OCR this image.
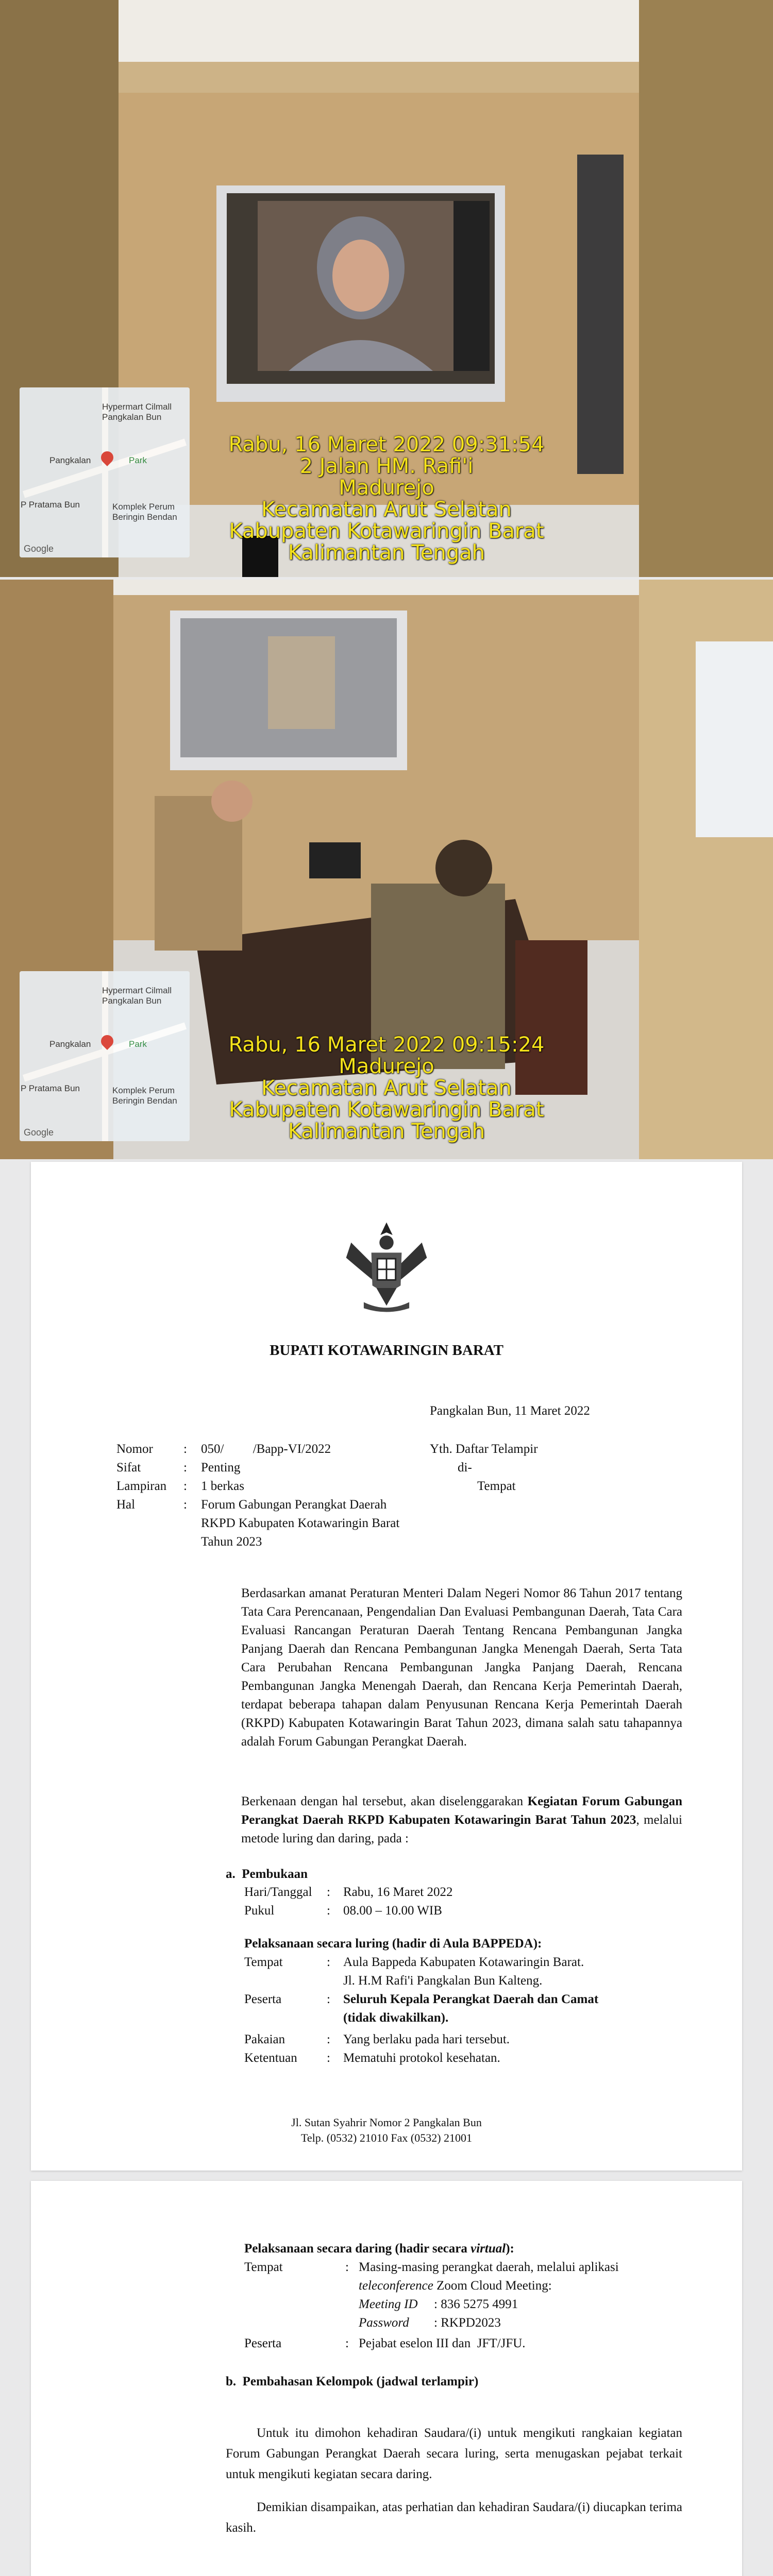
Hypermart Cilmall Pangkalan Bun
Pangkalan	Park
P Pratama Bun	Komplek Perum Beringin Bendan
Google
Rabu, 16 Maret 2022 09:31:54
2 Jalan HM. Rafi'i
Madurejo
Kecamatan Arut Selatan
Kabupaten Kotawaringin Barat
Kalimantan Tengah
Hypermart Cilmall Pangkalan Bun
Pangkalan	Park
P Pratama Bun	Komplek Perum Beringin Bendan
Google
Rabu, 16 Maret 2022 09:15:24
Madurejo
Kecamatan Arut Selatan
Kabupaten Kotawaringin Barat
Kalimantan Tengah
BUPATI KOTAWARINGIN BARAT
Pangkalan Bun, 11 Maret 2022
Nomor : 050/         /Bapp-VI/2022
Sifat	: Penting
Lampiran : 1 berkas
Hal	: Forum Gabungan Perangkat Daerah
RKPD Kabupaten Kotawaringin Barat
Tahun 2023
Yth. Daftar Telampir
di-
Tempat
Berdasarkan amanat Peraturan Menteri Dalam Negeri Nomor 86 Tahun 2017 tentang Tata Cara Perencanaan, Pengendalian Dan Evaluasi Pembangunan Daerah, Tata Cara Evaluasi Rancangan Peraturan Daerah Tentang Rencana Pembangunan Jangka Panjang Daerah dan Rencana Pembangunan Jangka Menengah Daerah, Serta Tata Cara Perubahan Rencana Pembangunan Jangka Panjang Daerah, Rencana Pembangunan Jangka Menengah Daerah, dan Rencana Kerja Pemerintah Daerah, terdapat beberapa tahapan dalam Penyusunan Rencana Kerja Pemerintah Daerah (RKPD) Kabupaten Kotawaringin Barat Tahun 2023, dimana salah satu tahapannya adalah Forum Gabungan Perangkat Daerah.
Berkenaan dengan hal tersebut, akan diselenggarakan Kegiatan Forum Gabungan Perangkat Daerah RKPD Kabupaten Kotawaringin Barat Tahun 2023, melalui metode luring dan daring, pada :
a.  Pembukaan
Hari/Tanggal : Rabu, 16 Maret 2022
Pukul	: 08.00 – 10.00 WIB
Pelaksanaan secara luring (hadir di Aula BAPPEDA):
Tempat	: Aula Bappeda Kabupaten Kotawaringin Barat.
Jl. H.M Rafi'i Pangkalan Bun Kalteng.
Peserta	: Seluruh Kepala Perangkat Daerah dan Camat
(tidak diwakilkan).
Pakaian	: Yang berlaku pada hari tersebut.
Ketentuan : Mematuhi protokol kesehatan.
Jl. Sutan Syahrir Nomor 2 Pangkalan Bun
Telp. (0532) 21010 Fax (0532) 21001
Pelaksanaan secara daring (hadir secara virtual):
Tempat	: Masing-masing perangkat daerah, melalui aplikasi
teleconference Zoom Cloud Meeting:
Meeting ID : 836 5275 4991
Password : RKPD2023
Peserta	: Pejabat eselon III dan  JFT/JFU.
b.  Pembahasan Kelompok (jadwal terlampir)
Untuk itu dimohon kehadiran Saudara/(i) untuk mengikuti rangkaian kegiatan Forum Gabungan Perangkat Daerah secara luring, serta menugaskan pejabat terkait untuk mengikuti kegiatan secara daring.
Demikian disampaikan, atas perhatian dan kehadiran Saudara/(i) diucapkan terima kasih.
